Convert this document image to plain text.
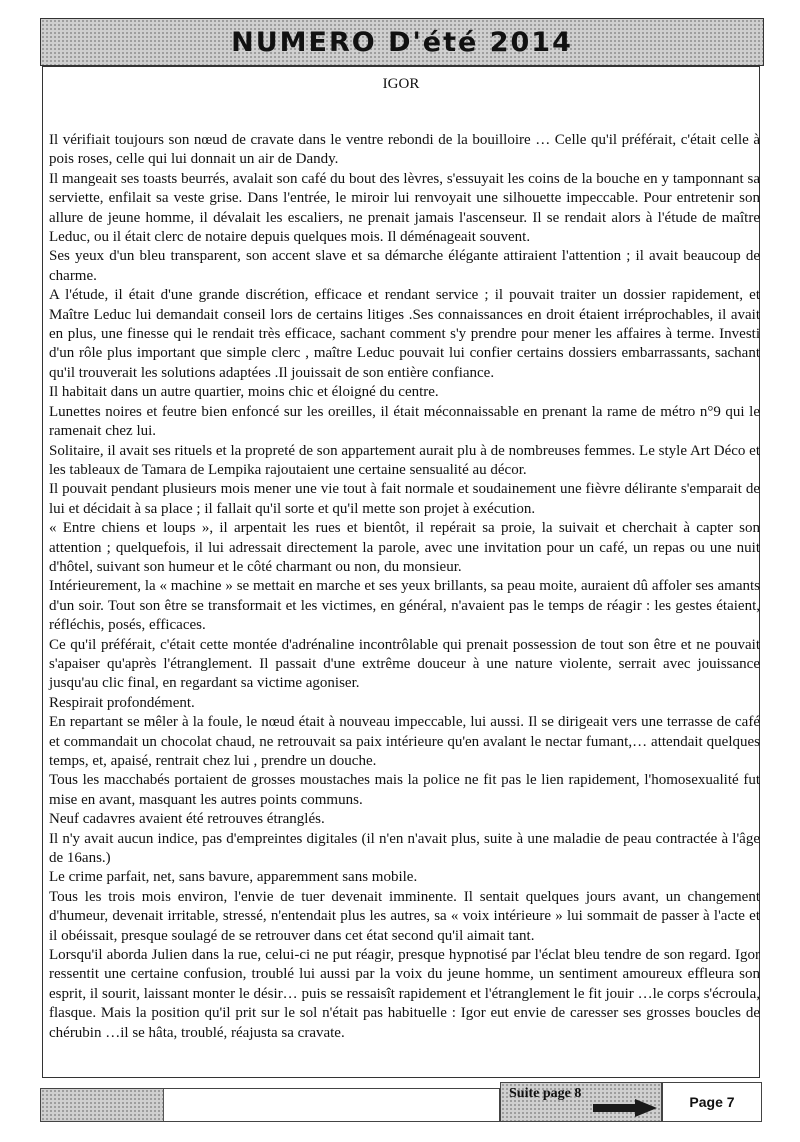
NUMERO D'été 2014
IGOR

Il vérifiait toujours son nœud de cravate dans le ventre rebondi de la bouilloire … Celle qu'il préférait, c'était celle à pois roses, celle qui lui donnait un air de Dandy.

Il mangeait ses toasts beurrés, avalait son café du bout des lèvres, s'essuyait les coins de la bouche en y tamponnant sa serviette, enfilait sa veste grise. Dans l'entrée, le miroir lui renvoyait une silhouette impeccable. Pour entretenir son allure de jeune homme, il dévalait les escaliers, ne prenait jamais l'ascenseur. Il se rendait alors à l'étude de maître Leduc, ou il était clerc de notaire depuis quelques mois. Il déménageait souvent.

Ses yeux d'un bleu transparent, son accent slave et sa démarche élégante attiraient l'attention ; il avait beaucoup de charme.

A l'étude, il était d'une grande discrétion, efficace et rendant service ; il pouvait traiter un dossier rapidement, et Maître Leduc lui demandait conseil lors de certains litiges .Ses connaissances en droit étaient irréprochables, il avait en plus, une finesse qui le rendait très efficace, sachant comment s'y prendre pour mener les affaires à terme. Investi d'un rôle plus important que simple clerc , maître Leduc pouvait lui confier certains dossiers embarrassants, sachant qu'il trouverait les solutions adaptées .Il jouissait de son entière confiance.

Il habitait dans un autre quartier, moins chic et éloigné du centre.

Lunettes noires et feutre bien enfoncé sur les oreilles, il était méconnaissable en prenant la rame de métro n°9 qui le ramenait chez lui.

Solitaire, il avait ses rituels et la propreté de son appartement aurait plu à de nombreuses femmes. Le style Art Déco et les tableaux de Tamara de Lempika rajoutaient une certaine sensualité au décor.

Il pouvait pendant plusieurs mois mener une vie tout à fait normale et soudainement une fièvre délirante s'emparait de lui et décidait à sa place ; il fallait qu'il sorte et qu'il mette son projet à exécution.

« Entre chiens et loups », il arpentait les rues et bientôt, il repérait sa proie, la suivait et cherchait à capter son attention ; quelquefois, il lui adressait directement la parole, avec une invitation pour un café, un repas ou une nuit d'hôtel, suivant son humeur et le côté charmant ou non, du monsieur.

Intérieurement, la « machine » se mettait en marche et ses yeux brillants, sa peau moite, auraient dû affoler ses amants d'un soir. Tout son être se transformait et les victimes, en général, n'avaient pas le temps de réagir : les gestes étaient, réfléchis, posés, efficaces.

Ce qu'il préférait, c'était cette montée d'adrénaline incontrôlable qui prenait possession de tout son être et ne pouvait s'apaiser qu'après l'étranglement. Il passait d'une extrême douceur à une nature violente, serrait avec jouissance jusqu'au clic final, en regardant sa victime agoniser.

Respirait profondément.

En repartant se mêler à la foule, le nœud était à nouveau impeccable, lui aussi. Il se dirigeait vers une terrasse de café et commandait un chocolat chaud, ne retrouvait sa paix intérieure qu'en avalant le nectar fumant,… attendait quelques temps, et, apaisé, rentrait chez lui , prendre un douche.

Tous les macchabés portaient de grosses moustaches mais la police ne fit pas le lien rapidement, l'homosexualité fut mise en avant, masquant les autres points communs.

Neuf cadavres avaient été retrouves étranglés.

Il n'y avait aucun indice, pas d'empreintes digitales (il n'en n'avait plus, suite à une maladie de peau contractée à l'âge de 16ans.)

Le crime parfait, net, sans bavure, apparemment sans mobile.

Tous les trois mois environ, l'envie de tuer devenait imminente. Il sentait quelques jours avant, un changement d'humeur, devenait irritable, stressé, n'entendait plus les autres, sa « voix intérieure » lui sommait de passer à l'acte et il obéissait, presque soulagé de se retrouver dans cet état second qu'il aimait tant.

Lorsqu'il aborda Julien dans la rue, celui-ci ne put réagir, presque hypnotisé par l'éclat bleu tendre de son regard. Igor ressentit une certaine confusion, troublé lui aussi par la voix du jeune homme, un sentiment amoureux effleura son esprit, il sourit, laissant monter le désir… puis se ressaisît rapidement et l'étranglement le fit jouir …le corps s'écroula, flasque. Mais la position qu'il prit sur le sol n'était pas habituelle : Igor eut envie de caresser ses grosses boucles de chérubin …il se hâta, troublé, réajusta sa cravate.

Suite page 8
Page 7
